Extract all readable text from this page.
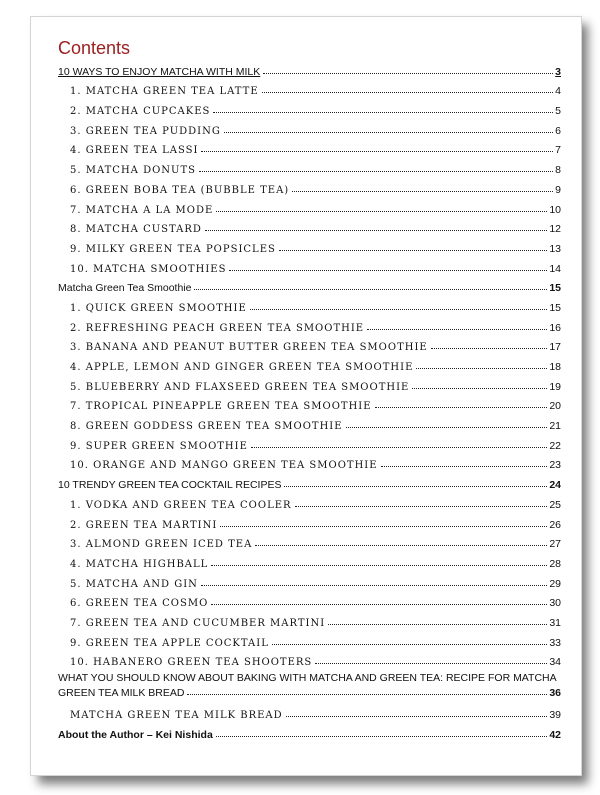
Contents
10 WAYS TO ENJOY MATCHA WITH MILK	3
1. MATCHA GREEN TEA LATTE	4
2. MATCHA CUPCAKES	5
3. GREEN TEA PUDDING	6
4. GREEN TEA LASSI	7
5. MATCHA DONUTS	8
6. GREEN BOBA TEA (BUBBLE TEA)	9
7. MATCHA A LA MODE	10
8. MATCHA CUSTARD	12
9. MILKY GREEN TEA POPSICLES	13
10. MATCHA SMOOTHIES	14
Matcha Green Tea Smoothie	15
1. QUICK GREEN SMOOTHIE	15
2. REFRESHING PEACH GREEN TEA SMOOTHIE	16
3. BANANA AND PEANUT BUTTER GREEN TEA SMOOTHIE	17
4. APPLE, LEMON AND GINGER GREEN TEA SMOOTHIE	18
5. BLUEBERRY AND FLAXSEED GREEN TEA SMOOTHIE	19
7. TROPICAL PINEAPPLE GREEN TEA SMOOTHIE	20
8. GREEN GODDESS GREEN TEA SMOOTHIE	21
9. SUPER GREEN SMOOTHIE	22
10. ORANGE AND MANGO GREEN TEA SMOOTHIE	23
10 TRENDY GREEN TEA COCKTAIL RECIPES	24
1. VODKA AND GREEN TEA COOLER	25
2. GREEN TEA MARTINI	26
3. ALMOND GREEN ICED TEA	27
4. MATCHA HIGHBALL	28
5. MATCHA AND GIN	29
6. GREEN TEA COSMO	30
7. GREEN TEA AND CUCUMBER MARTINI	31
9. GREEN TEA APPLE COCKTAIL	33
10. HABANERO GREEN TEA SHOOTERS	34
WHAT YOU SHOULD KNOW ABOUT BAKING WITH MATCHA AND GREEN TEA: RECIPE FOR MATCHA
GREEN TEA MILK BREAD	36
MATCHA GREEN TEA MILK BREAD	39
About the Author – Kei Nishida	42
